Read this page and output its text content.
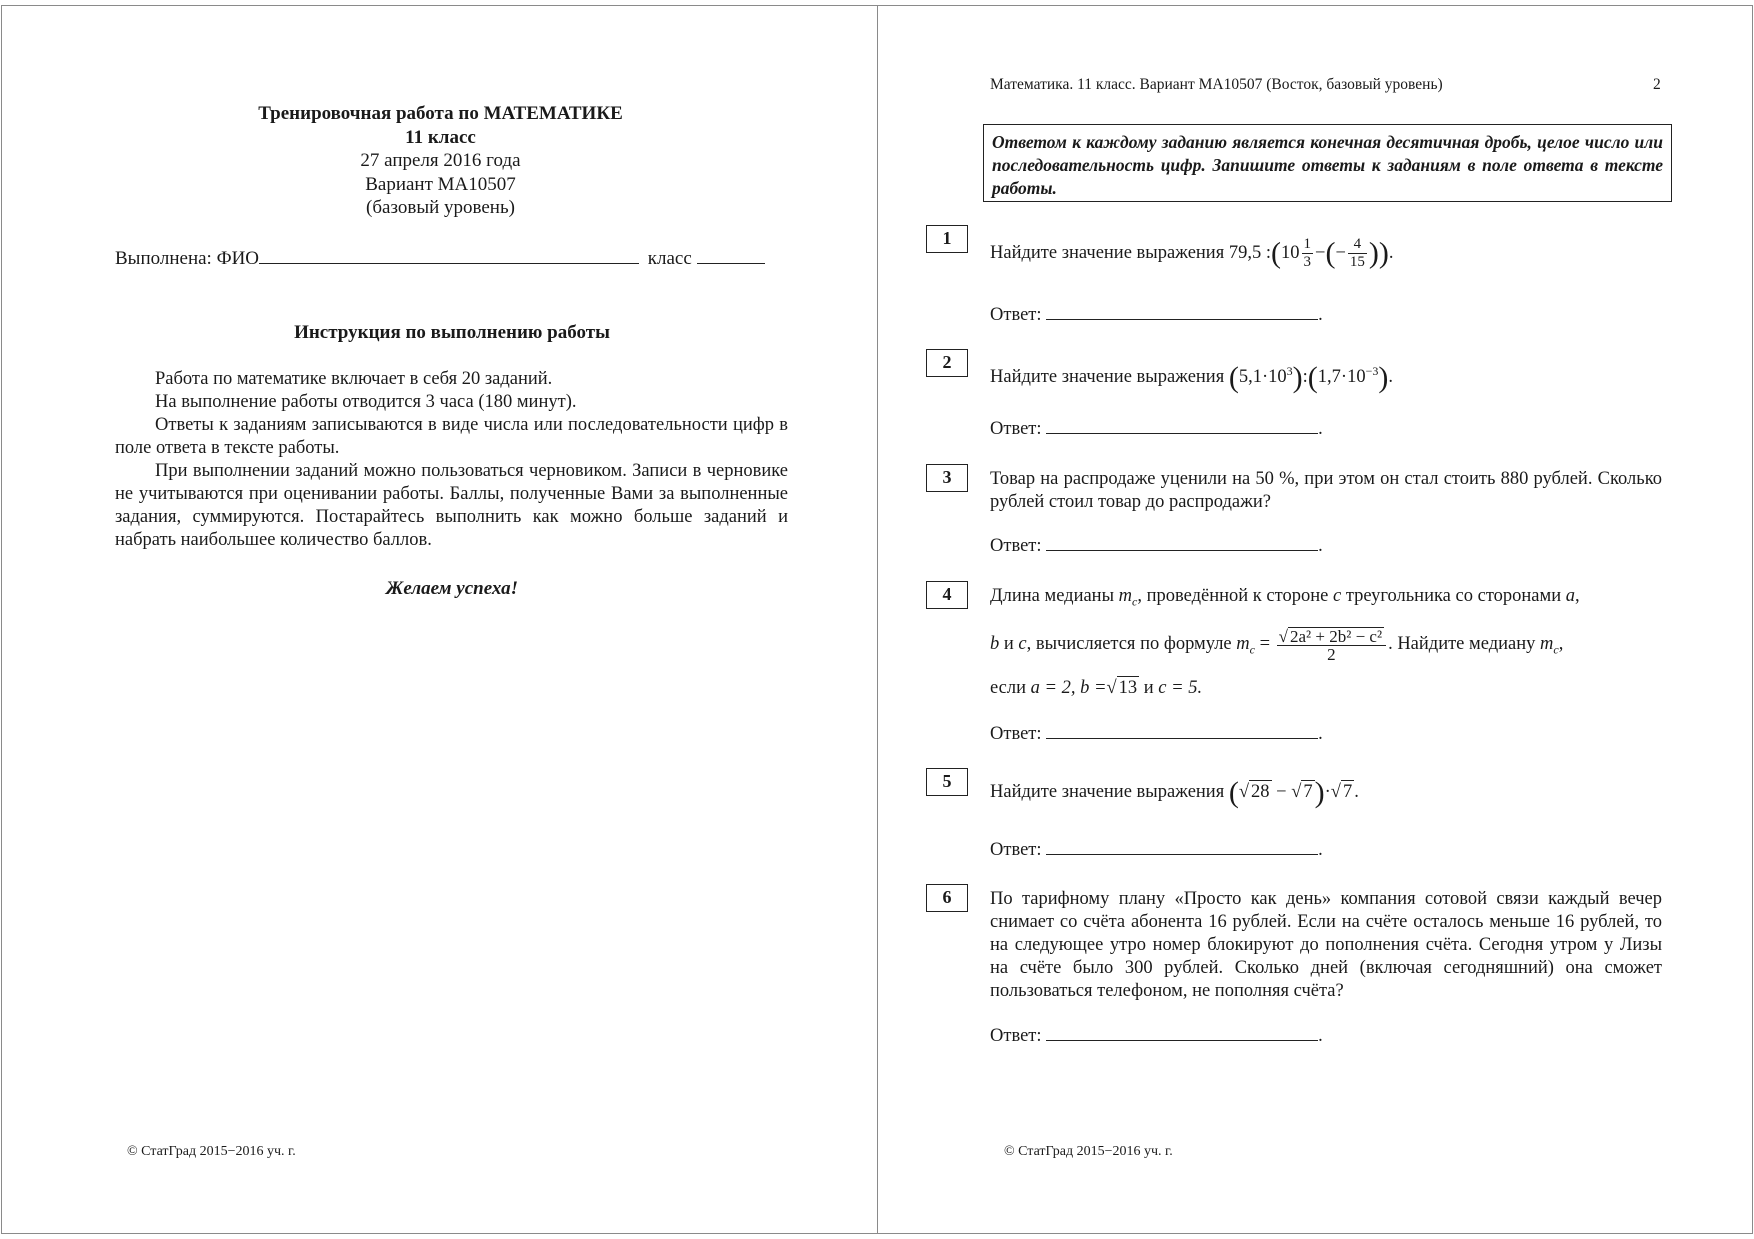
Тренировочная работа по МАТЕМАТИКЕ
11 класс
27 апреля 2016 года
Вариант МА10507
(базовый уровень)
Выполнена: ФИО	класс
Инструкция по выполнению работы

Работа по математике включает в себя 20 заданий.

На выполнение работы отводится 3 часа (180 минут).

Ответы к заданиям записываются в виде числа или последовательности цифр в поле ответа в тексте работы.

При выполнении заданий можно пользоваться черновиком. Записи в черновике не учитываются при оценивании работы. Баллы, полученные Вами за выполненные задания, суммируются. Постарайтесь выполнить как можно больше заданий и набрать наибольшее количество баллов.

Желаем успеха!
© СтатГрад 2015−2016 уч. г.
Математика. 11 класс. Вариант МА10507 (Восток, базовый уровень)	2
Ответом к каждому заданию является конечная десятичная дробь, целое число или последовательность цифр. Запишите ответы к заданиям в поле ответа в тексте работы.
1
Найдите значение выражения 79,5 :(10 $\frac{1}{3}$ −(− $\frac{4}{15}$ )).
Ответ:	.
2
Найдите значение выражения $(5,1\cdot 10^3):(1,7\cdot 10^{-3})$.
Ответ:	.
3	Товар на распродаже уценили на 50 %, при этом он стал стоить 880 рублей. Сколько рублей стоил товар до распродажи?
Ответ:	.
4	Длина медианы $m_c$, проведённой к стороне c треугольника со сторонами a,
b и c, вычисляется по формуле $m_c = \frac{\text{√ 2a² + 2b² − c²}}{2}$ . Найдите медиану $m_c$,
если a = 2, b =√ 13 и c = 5.
Ответ:	.
5
Найдите значение выражения (√ 28 − √ 7)·√ 7 .
Ответ:	.
6	По тарифному плану «Просто как день» компания сотовой связи каждый вечер снимает со счёта абонента 16 рублей. Если на счёте осталось меньше 16 рублей, то на следующее утро номер блокируют до пополнения счёта. Сегодня утром у Лизы на счёте было 300 рублей. Сколько дней (включая сегодняшний) она сможет пользоваться телефоном, не пополняя счёта?
Ответ:	.
© СтатГрад 2015−2016 уч. г.
